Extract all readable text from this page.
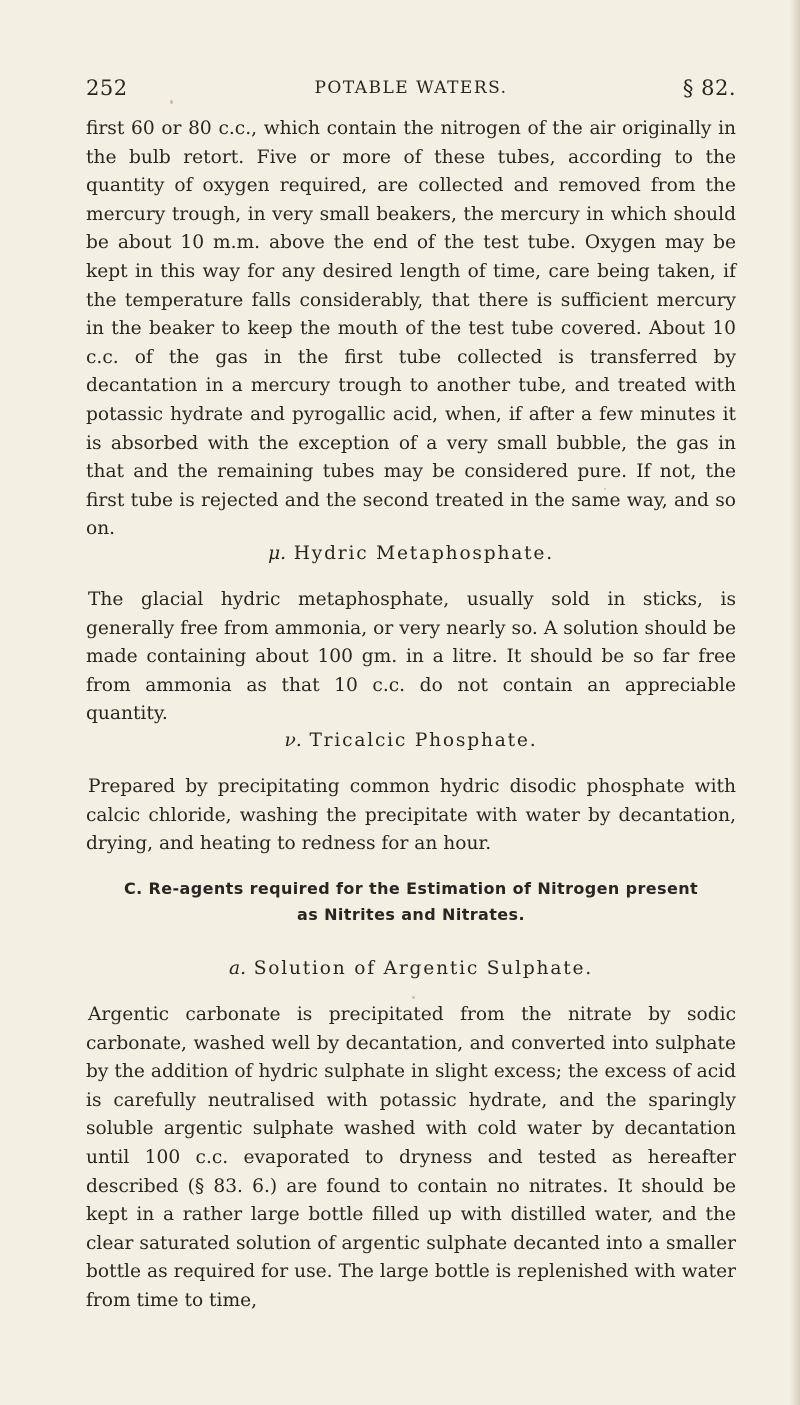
252	POTABLE WATERS.	§ 82.

first 60 or 80 c.c., which contain the nitrogen of the air originally in the bulb retort. Five or more of these tubes, according to the quantity of oxygen required, are collected and removed from the mercury trough, in very small beakers, the mercury in which should be about 10 m.m. above the end of the test tube. Oxygen may be kept in this way for any desired length of time, care being taken, if the temperature falls considerably, that there is sufficient mercury in the beaker to keep the mouth of the test tube covered. About 10 c.c. of the gas in the first tube collected is transferred by decantation in a mercury trough to another tube, and treated with potassic hydrate and pyrogallic acid, when, if after a few minutes it is absorbed with the exception of a very small bubble, the gas in that and the remaining tubes may be considered pure. If not, the first tube is rejected and the second treated in the same way, and so on.

μ. Hydric Metaphosphate.

The glacial hydric metaphosphate, usually sold in sticks, is generally free from ammonia, or very nearly so. A solution should be made containing about 100 gm. in a litre. It should be so far free from ammonia as that 10 c.c. do not contain an appreciable quantity.

ν. Tricalcic Phosphate.

Prepared by precipitating common hydric disodic phosphate with calcic chloride, washing the precipitate with water by decantation, drying, and heating to redness for an hour.

C. Re-agents required for the Estimation of Nitrogen present
as Nitrites and Nitrates.
a. Solution of Argentic Sulphate.

Argentic carbonate is precipitated from the nitrate by sodic carbonate, washed well by decantation, and converted into sulphate by the addition of hydric sulphate in slight excess; the excess of acid is carefully neutralised with potassic hydrate, and the sparingly soluble argentic sulphate washed with cold water by decantation until 100 c.c. evaporated to dryness and tested as hereafter described (§ 83. 6.) are found to contain no nitrates. It should be kept in a rather large bottle filled up with distilled water, and the clear saturated solution of argentic sulphate decanted into a smaller bottle as required for use. The large bottle is replenished with water from time to time,
